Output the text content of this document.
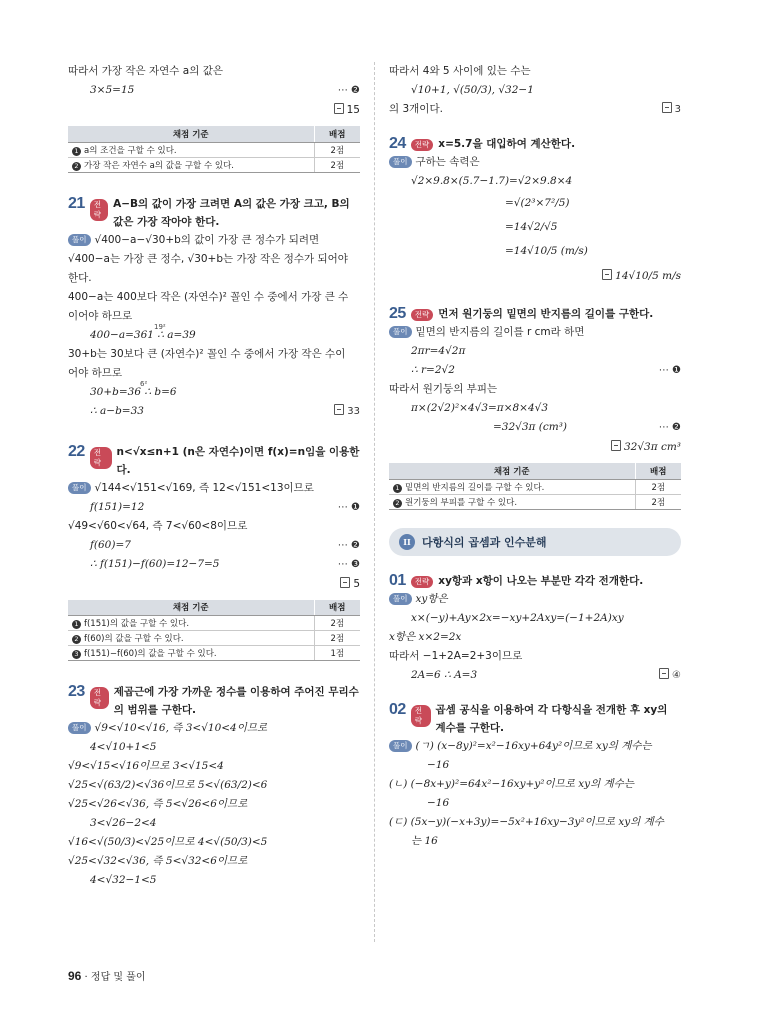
따라서 가장 작은 자연수 a의 값은
3×5=15	⋯ ❷
15
채점 기준	배점
1 a의 조건을 구할 수 있다.	2점
2 가장 작은 자연수 a의 값을 구할 수 있다.	2점
21	전략
A−B의 값이 가장 크려면 A의 값은 가장 크고, B의 값은 가장 작아야 한다.
풀이 √400−a−√30+b의 값이 가장 큰 정수가 되려면
√400−a는 가장 큰 정수, √30+b는 가장 작은 정수가 되어야
한다.
400−a는 400보다 작은 (자연수)² 꼴인 수 중에서 가장 큰 수
이어야 하므로
400−a=361 ∴ a=39
19²
30+b는 30보다 큰 (자연수)² 꼴인 수 중에서 가장 작은 수이
어야 하므로
30+b=36 ∴ b=6
6²
∴ a−b=33	33
22	전략
n<√x≤n+1 (n은 자연수)이면 f(x)=n임을 이용한다.
풀이 √144<√151<√169, 즉 12<√151<13이므로
f(151)=12	⋯ ❶
√49<√60<√64, 즉 7<√60<8이므로
f(60)=7	⋯ ❷
∴ f(151)−f(60)=12−7=5	⋯ ❸
5
채점 기준	배점
1 f(151)의 값을 구할 수 있다.	2점
2 f(60)의 값을 구할 수 있다.	2점
3 f(151)−f(60)의 값을 구할 수 있다.	1점
23	전략
제곱근에 가장 가까운 정수를 이용하여 주어진 무리수의 범위를 구한다.
풀이 √9<√10<√16, 즉 3<√10<4이므로
4<√10+1<5
√9<√15<√16이므로 3<√15<4
√25<√(63/2)<√36이므로 5<√(63/2)<6
√25<√26<√36, 즉 5<√26<6이므로
3<√26−2<4
√16<√(50/3)<√25이므로 4<√(50/3)<5
√25<√32<√36, 즉 5<√32<6이므로
4<√32−1<5
따라서 4와 5 사이에 있는 수는
√10+1, √(50/3), √32−1
의 3개이다.	3
24	전략 x=5.7을 대입하여 계산한다.
풀이 구하는 속력은
√2×9.8×(5.7−1.7)=√2×9.8×4
=√(2³×7²/5)
=14√2/√5
=14√10/5 (m/s)
14√10/5 m/s
25	전략 먼저 원기둥의 밑면의 반지름의 길이를 구한다.
풀이 밑면의 반지름의 길이를 r cm라 하면
2πr=4√2π
∴ r=2√2	⋯ ❶
따라서 원기둥의 부피는
π×(2√2)²×4√3=π×8×4√3
=32√3π (cm³)	⋯ ❷
32√3π cm³
채점 기준	배점
1 밑면의 반지름의 길이를 구할 수 있다.	2점
2 원기둥의 부피를 구할 수 있다.	2점
II	다항식의 곱셈과 인수분해
01	전략 xy항과 x항이 나오는 부분만 각각 전개한다.
풀이 xy항은
x×(−y)+Ay×2x=−xy+2Axy=(−1+2A)xy
x항은 x×2=2x
따라서 −1+2A=2+3이므로
2A=6 ∴ A=3	④
02	전략
곱셈 공식을 이용하여 각 다항식을 전개한 후 xy의 계수를 구한다.
풀이 (ㄱ) (x−8y)²=x²−16xy+64y²이므로 xy의 계수는
−16
(ㄴ) (−8x+y)²=64x²−16xy+y²이므로 xy의 계수는
−16
(ㄷ) (5x−y)(−x+3y)=−5x²+16xy−3y²이므로 xy의 계수
는 16
96 · 정답 및 풀이
